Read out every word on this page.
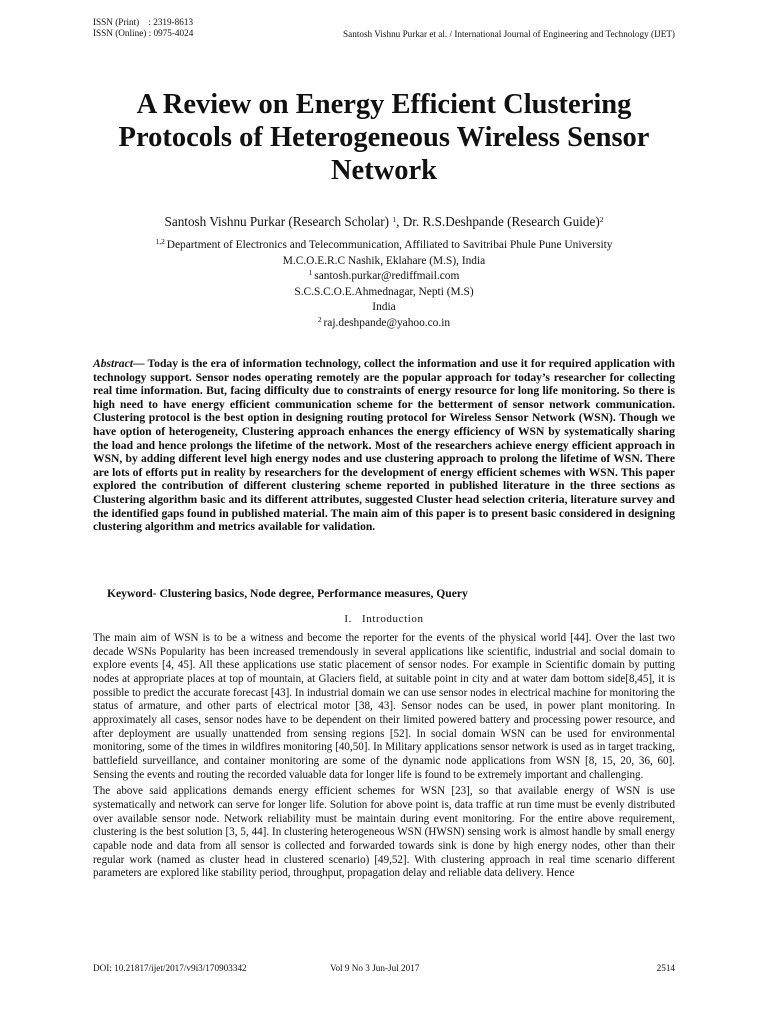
ISSN (Print)    : 2319-8613
ISSN (Online) : 0975-4024	Santosh Vishnu Purkar et al. / International Journal of Engineering and Technology (IJET)
A Review on Energy Efficient Clustering
Protocols of Heterogeneous Wireless Sensor
Network
Santosh Vishnu Purkar (Research Scholar) $^1$, Dr. R.S.Deshpande (Research Guide)$^2$
$^{1,2}$ Department of Electronics and Telecommunication, Affiliated to Savitribai Phule Pune University
M.C.O.E.R.C Nashik, Eklahare (M.S), India
$^1$ santosh.purkar@rediffmail.com
S.C.S.C.O.E.Ahmednagar, Nepti (M.S)
India
$^2$ raj.deshpande@yahoo.co.in
Abstract— Today is the era of information technology, collect the information and use it for required application with technology support. Sensor nodes operating remotely are the popular approach for today’s researcher for collecting real time information. But, facing difficulty due to constraints of energy resource for long life monitoring. So there is high need to have energy efficient communication scheme for the betterment of sensor network communication. Clustering protocol is the best option in designing routing protocol for Wireless Sensor Network (WSN). Though we have option of heterogeneity, Clustering approach enhances the energy efficiency of WSN by systematically sharing the load and hence prolongs the lifetime of the network. Most of the researchers achieve energy efficient approach in WSN, by adding different level high energy nodes and use clustering approach to prolong the lifetime of WSN. There are lots of efforts put in reality by researchers for the development of energy efficient schemes with WSN. This paper explored the contribution of different clustering scheme reported in published literature in the three sections as Clustering algorithm basic and its different attributes, suggested Cluster head selection criteria, literature survey and the identified gaps found in published material. The main aim of this paper is to present basic considered in designing clustering algorithm and metrics available for validation.
Keyword- Clustering basics, Node degree, Performance measures, Query
I.   Introduction

The main aim of WSN is to be a witness and become the reporter for the events of the physical world [44]. Over the last two decade WSNs Popularity has been increased tremendously in several applications like scientific, industrial and social domain to explore events [4, 45]. All these applications use static placement of sensor nodes. For example in Scientific domain by putting nodes at appropriate places at top of mountain, at Glaciers field, at suitable point in city and at water dam bottom side[8,45], it is possible to predict the accurate forecast [43]. In industrial domain we can use sensor nodes in electrical machine for monitoring the status of armature, and other parts of electrical motor [38, 43]. Sensor nodes can be used, in power plant monitoring. In approximately all cases, sensor nodes have to be dependent on their limited powered battery and processing power resource, and after deployment are usually unattended from sensing regions [52]. In social domain WSN can be used for environmental monitoring, some of the times in wildfires monitoring [40,50]. In Military applications sensor network is used as in target tracking, battlefield surveillance, and container monitoring are some of the dynamic node applications from WSN [8, 15, 20, 36, 60]. Sensing the events and routing the recorded valuable data for longer life is found to be extremely important and challenging.

The above said applications demands energy efficient schemes for WSN [23], so that available energy of WSN is use systematically and network can serve for longer life. Solution for above point is, data traffic at run time must be evenly distributed over available sensor node. Network reliability must be maintain during event monitoring. For the entire above requirement, clustering is the best solution [3, 5, 44]. In clustering heterogeneous WSN (HWSN) sensing work is almost handle by small energy capable node and data from all sensor is collected and forwarded towards sink is done by high energy nodes, other than their regular work (named as cluster head in clustered scenario) [49,52]. With clustering approach in real time scenario different parameters are explored like stability period, throughput, propagation delay and reliable data delivery. Hence

DOI: 10.21817/ijet/2017/v9i3/170903342	Vol 9 No 3 Jun-Jul 2017	2514
